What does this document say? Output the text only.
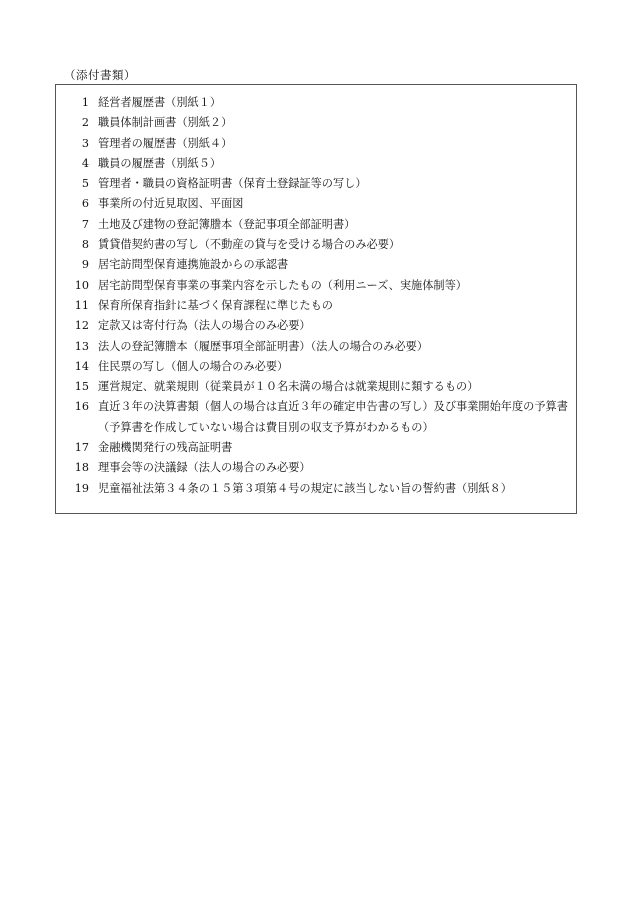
（添付書類）
1 経営者履歴書（別紙１）
2 職員体制計画書（別紙２）
3 管理者の履歴書（別紙４）
4 職員の履歴書（別紙５）
5 管理者・職員の資格証明書（保育士登録証等の写し）
6 事業所の付近見取図、平面図
7 土地及び建物の登記簿謄本（登記事項全部証明書）
8 賃貸借契約書の写し（不動産の貸与を受ける場合のみ必要）
9 居宅訪問型保育連携施設からの承認書
10 居宅訪問型保育事業の事業内容を示したもの（利用ニーズ、実施体制等）
11 保育所保育指針に基づく保育課程に準じたもの
12 定款又は寄付行為（法人の場合のみ必要）
13 法人の登記簿謄本（履歴事項全部証明書）（法人の場合のみ必要）
14 住民票の写し（個人の場合のみ必要）
15 運営規定、就業規則（従業員が１０名未満の場合は就業規則に類するもの）
16 直近３年の決算書類（個人の場合は直近３年の確定申告書の写し）及び事業開始年度の予算書（予算書を作成していない場合は費目別の収支予算がわかるもの）
17 金融機関発行の残高証明書
18 理事会等の決議録（法人の場合のみ必要）
19 児童福祉法第３４条の１５第３項第４号の規定に該当しない旨の誓約書（別紙８）
